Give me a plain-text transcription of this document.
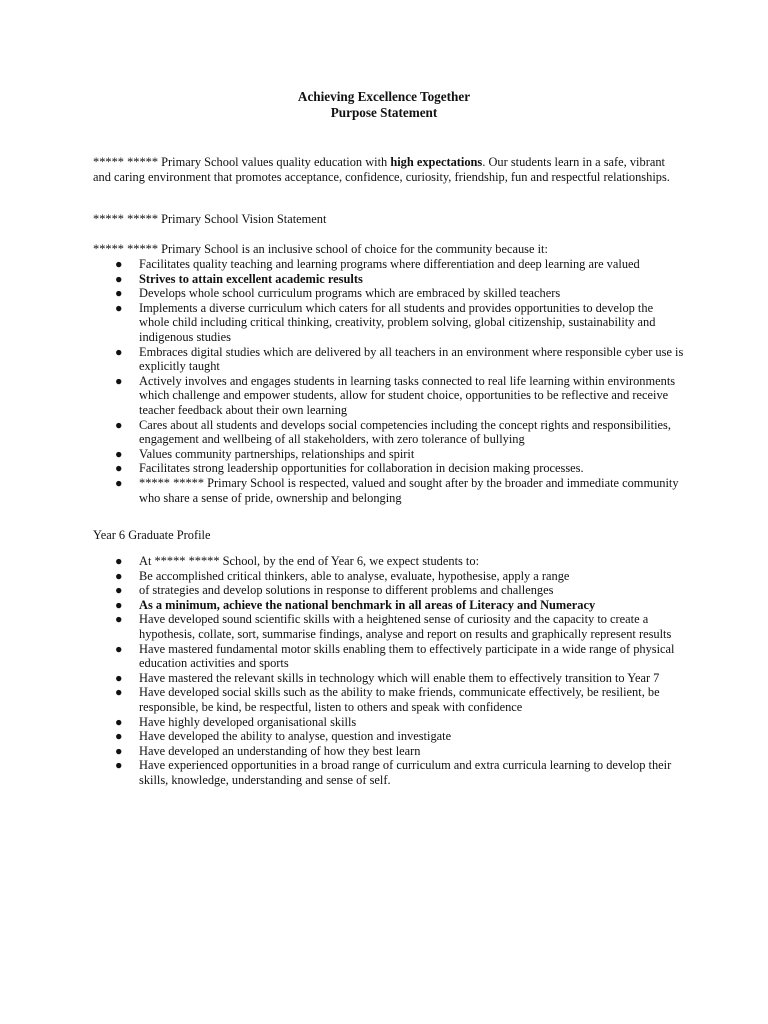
Achieving Excellence Together
Purpose Statement
***** ***** Primary School values quality education with high expectations. Our students learn in a safe, vibrant and caring environment that promotes acceptance, confidence, curiosity, friendship, fun and respectful relationships.
***** ***** Primary School Vision Statement
***** ***** Primary School is an inclusive school of choice for the community because it:
● Facilitates quality teaching and learning programs where differentiation and deep learning are valued
● Strives to attain excellent academic results
● Develops whole school curriculum programs which are embraced by skilled teachers
● Implements a diverse curriculum which caters for all students and provides opportunities to develop the whole child including critical thinking, creativity, problem solving, global citizenship, sustainability and indigenous studies
● Embraces digital studies which are delivered by all teachers in an environment where responsible cyber use is explicitly taught
● Actively involves and engages students in learning tasks connected to real life learning within environments which challenge and empower students, allow for student choice, opportunities to be reflective and receive teacher feedback about their own learning
● Cares about all students and develops social competencies including the concept rights and responsibilities, engagement and wellbeing of all stakeholders, with zero tolerance of bullying
● Values community partnerships, relationships and spirit
● Facilitates strong leadership opportunities for collaboration in decision making processes.
● ***** ***** Primary School is respected, valued and sought after by the broader and immediate community who share a sense of pride, ownership and belonging
Year 6 Graduate Profile
● At ***** ***** School, by the end of Year 6, we expect students to:
● Be accomplished critical thinkers, able to analyse, evaluate, hypothesise, apply a range
● of strategies and develop solutions in response to different problems and challenges
● As a minimum, achieve the national benchmark in all areas of Literacy and Numeracy
● Have developed sound scientific skills with a heightened sense of curiosity and the capacity to create a hypothesis, collate, sort, summarise findings, analyse and report on results and graphically represent results
● Have mastered fundamental motor skills enabling them to effectively participate in a wide range of physical education activities and sports
● Have mastered the relevant skills in technology which will enable them to effectively transition to Year 7
● Have developed social skills such as the ability to make friends, communicate effectively, be resilient, be responsible, be kind, be respectful, listen to others and speak with confidence
● Have highly developed organisational skills
● Have developed the ability to analyse, question and investigate
● Have developed an understanding of how they best learn
● Have experienced opportunities in a broad range of curriculum and extra curricula learning to develop their skills, knowledge, understanding and sense of self.
